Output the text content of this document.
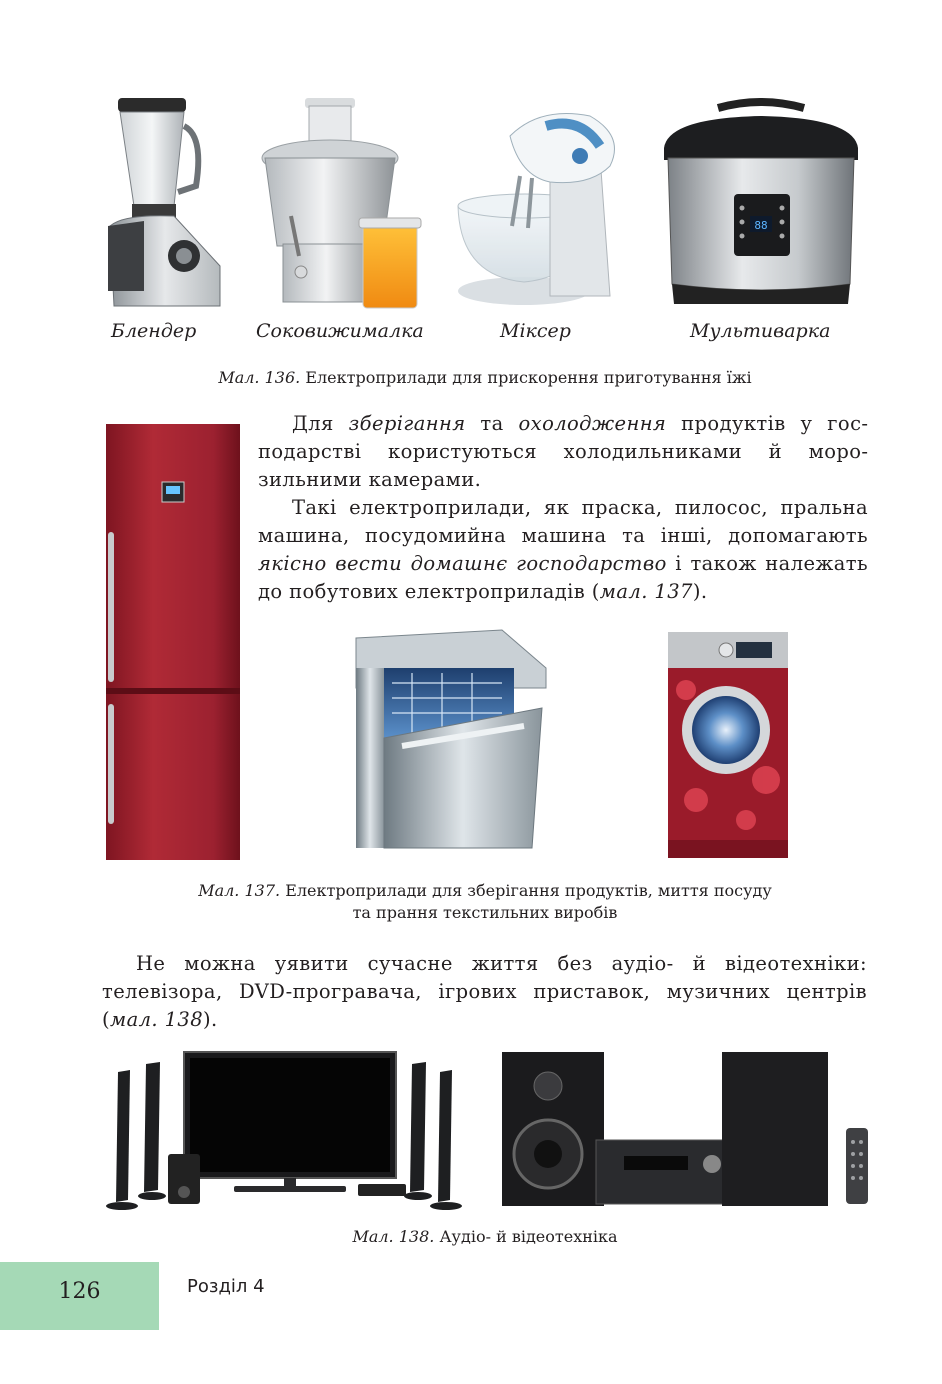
88
Блендер	Соковижималка	Міксер	Мультиварка
Мал. 136. Електроприлади для прискорення приготування їжі

Для зберігання та охолодження продуктів у господарстві користуються холодильниками й морозильними камерами.

Такі електроприлади, як праска, пилосос, пральна машина, посудомийна машина та інші, допомагають якісно вести домашнє господарство і також належать до побутових електроприладів (мал. 137).

Мал. 137. Електроприлади для зберігання продуктів, миття посуду
та прання текстильних виробів

Не можна уявити сучасне життя без аудіо- й відеотехніки: телевізора, DVD-програвача, ігрових приставок, музичних центрів (мал. 138).

Мал. 138. Аудіо- й відеотехніка
126	Розділ 4
